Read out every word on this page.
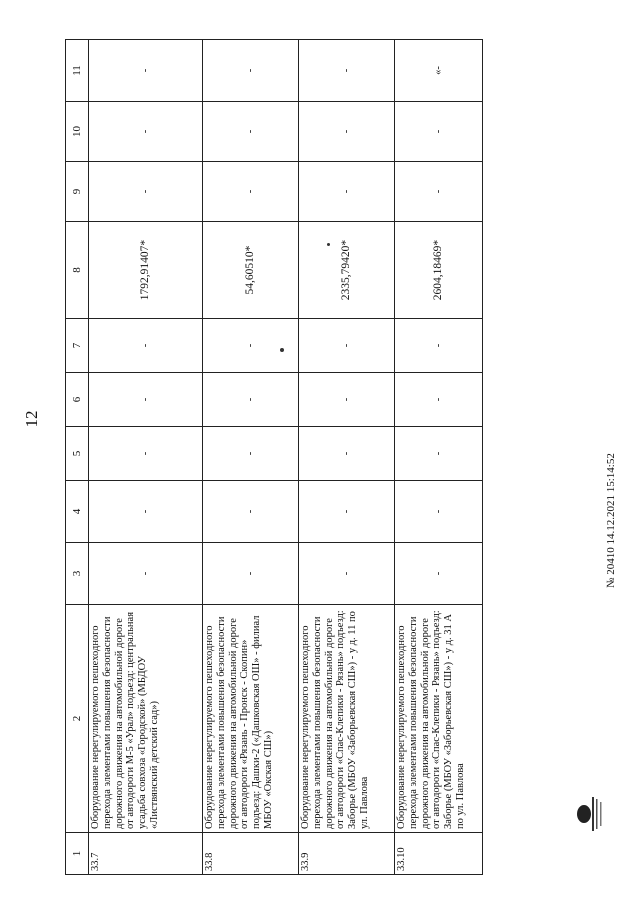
12
1	2	3	4	5	6	7	8	9	10	11
33.7	Оборудование нерегулируемого пешеходного перехода элементами повышения безопасности дорожного движения на автомобильной дороге от автодороги М-5 «Урал» подъезд: центральная усадьба совхоза «Городской» (МБДОУ «Листвянский детский сад»)	-	-	-	-	-	1792,91407*	-	-	-
33.8	Оборудование нерегулируемого пешеходного перехода элементами повышения безопасности дорожного движения на автомобильной дороге от автодороги «Рязань - Пронск - Скопин» подъезд: Дашки-2 («Дашковская ОШ» - филиал МБОУ «Окская СШ»)	-	-	-	-	-	54,60510*	-	-	-
33.9	Оборудование нерегулируемого пешеходного перехода элементами повышения безопасности дорожного движения на автомобильной дороге от автодороги «Спас-Клепики - Рязань» подъезд: Заборье (МБОУ «Заборьевская СШ») - у д. 11 по ул. Павлова	-	-	-	-	-	2335,79420*	-	-	-
33.10	Оборудование нерегулируемого пешеходного перехода элементами повышения безопасности дорожного движения на автомобильной дороге от автодороги «Спас-Клепики - Рязань» подъезд: Заборье (МБОУ «Заборьевская СШ») - у д. 31 А по ул. Павлова	-	-	-	-	-	2604,18469*	-	-	«-
№ 20410 14.12.2021 15:14:52
